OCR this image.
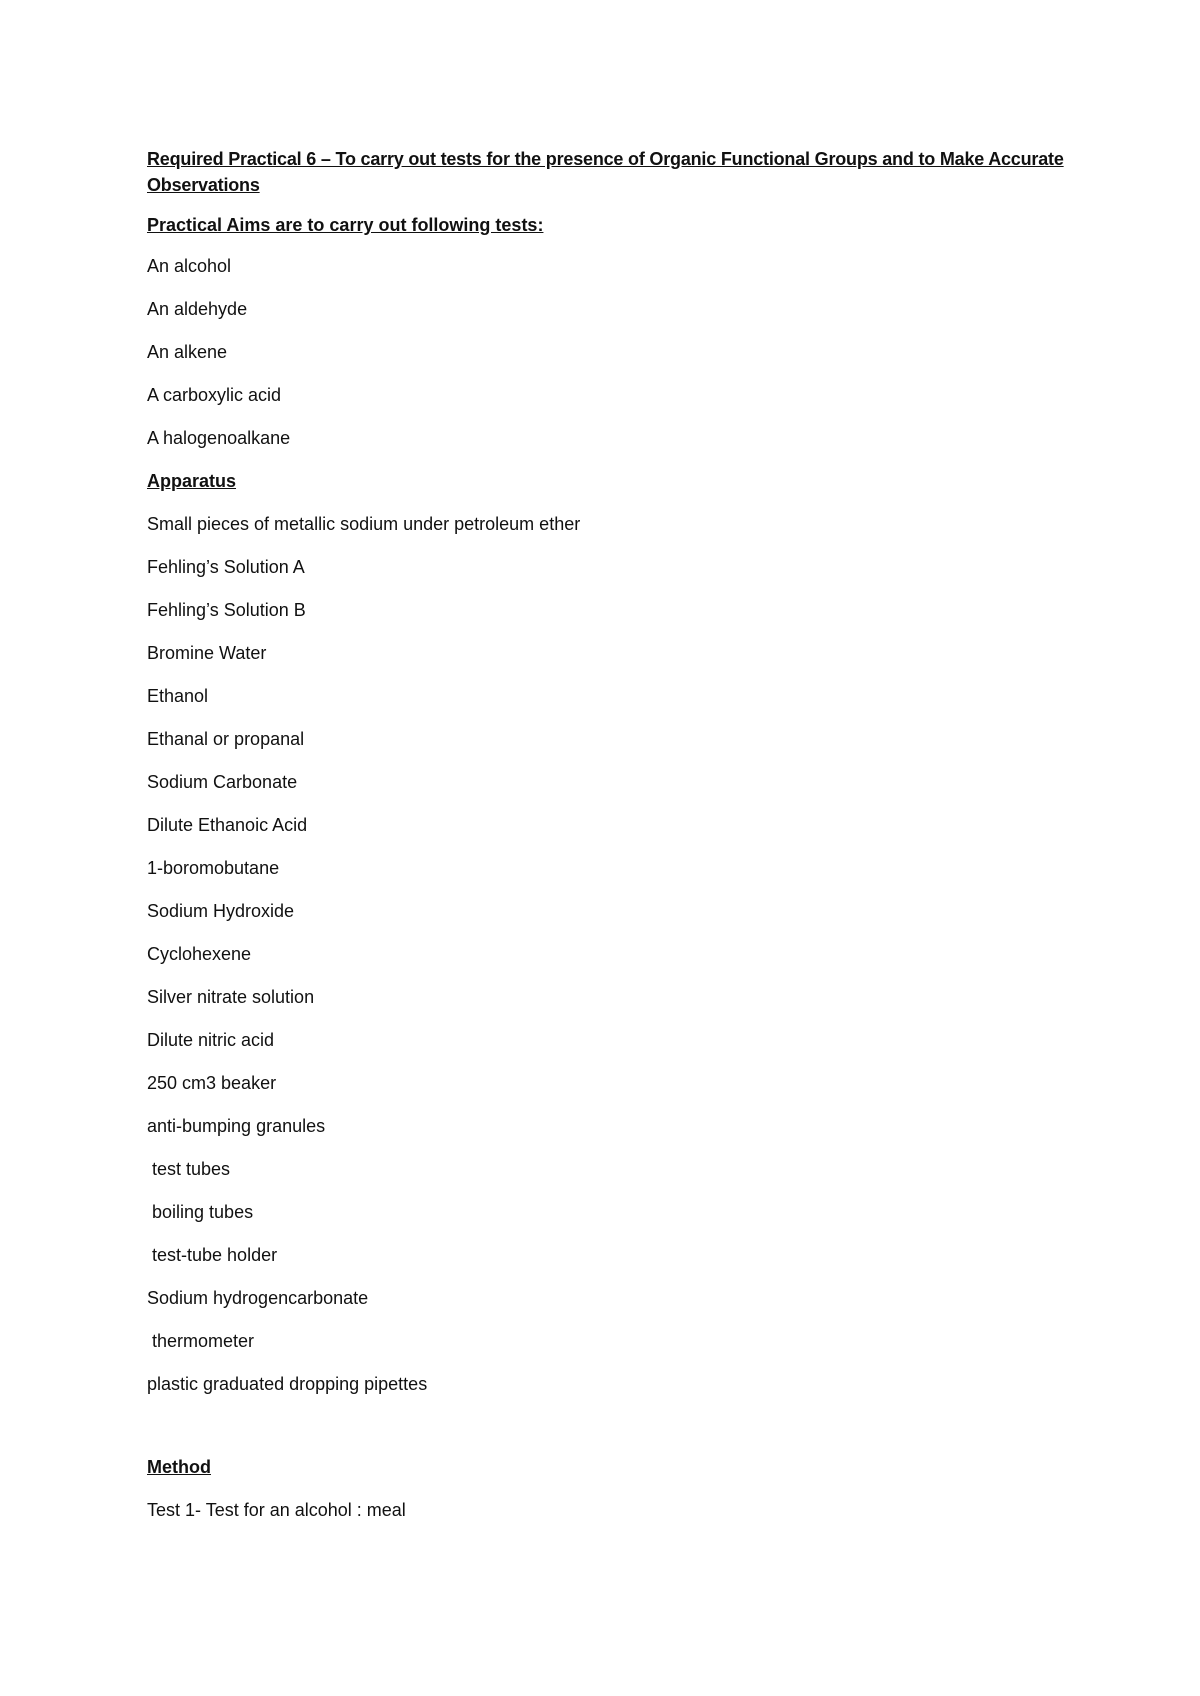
Required Practical 6 – To carry out tests for the presence of Organic Functional Groups and to Make Accurate Observations

Practical Aims are to carry out following tests:

An alcohol

An aldehyde

An alkene

A carboxylic acid

A halogenoalkane

Apparatus

Small pieces of metallic sodium under petroleum ether

Fehling’s Solution A

Fehling’s Solution B

Bromine Water

Ethanol

Ethanal or propanal

Sodium Carbonate

Dilute Ethanoic Acid

1-boromobutane

Sodium Hydroxide

Cyclohexene

Silver nitrate solution

Dilute nitric acid

250 cm3 beaker

anti-bumping granules

test tubes

boiling tubes

test-tube holder

Sodium hydrogencarbonate

thermometer

plastic graduated dropping pipettes

Method

Test 1- Test for an alcohol : meal
